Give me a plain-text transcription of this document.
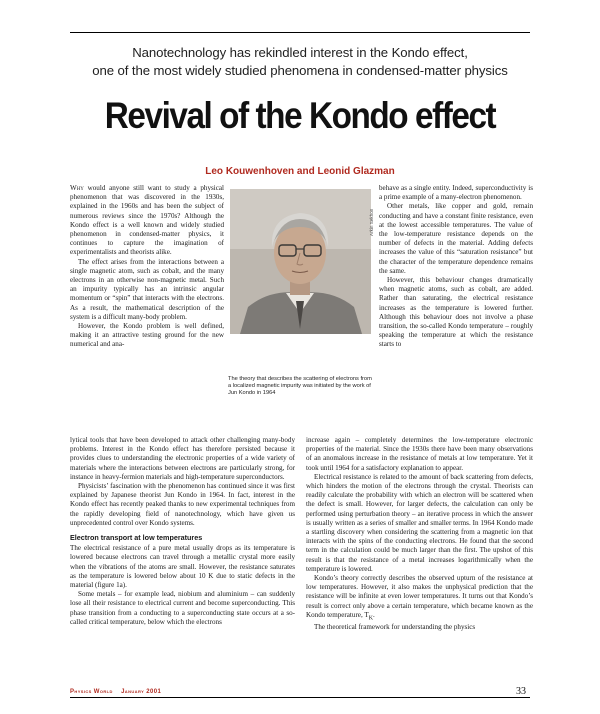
Nanotechnology has rekindled interest in the Kondo effect,
one of the most widely studied phenomena in condensed-matter physics
Revival of the Kondo effect
Leo Kouwenhoven and Leonid Glazman

Why would anyone still want to study a physical phenomenon that was discovered in the 1930s, explained in the 1960s and has been the subject of numerous reviews since the 1970s? Although the Kondo effect is a well known and widely studied phenomenon in condensed-matter physics, it continues to capture the imagination of experimentalists and theorists alike.

The effect arises from the interactions between a single magnetic atom, such as cobalt, and the many electrons in an otherwise non-magnetic metal. Such an impurity typically has an intrinsic angular momentum or “spin” that interacts with the electrons. As a result, the mathematical description of the system is a difficult many-body problem.

However, the Kondo problem is well defined, making it an attractive testing ground for the new numerical and ana-

Arkin Sekhon
The theory that describes the scattering of electrons from a localized magnetic impurity was initiated by the work of Jun Kondo in 1964

behave as a single entity. Indeed, superconductivity is a prime example of a many-electron phenomenon.

Other metals, like copper and gold, remain conducting and have a constant finite resistance, even at the lowest accessible temperatures. The value of the low-temperature resistance depends on the number of defects in the material. Adding defects increases the value of this “saturation resistance” but the character of the temperature dependence remains the same.

However, this behaviour changes dramatically when magnetic atoms, such as cobalt, are added. Rather than saturating, the electrical resistance increases as the temperature is lowered further. Although this behaviour does not involve a phase transition, the so-called Kondo temperature – roughly speaking the temperature at which the resistance starts to

lytical tools that have been developed to attack other challenging many-body problems. Interest in the Kondo effect has therefore persisted because it provides clues to understanding the electronic properties of a wide variety of materials where the interactions between electrons are particularly strong, for instance in heavy-fermion materials and high-temperature superconductors.

Physicists’ fascination with the phenomenon has continued since it was first explained by Japanese theorist Jun Kondo in 1964. In fact, interest in the Kondo effect has recently peaked thanks to new experimental techniques from the rapidly developing field of nanotechnology, which have given us unprecedented control over Kondo systems.

Electron transport at low temperatures

The electrical resistance of a pure metal usually drops as its temperature is lowered because electrons can travel through a metallic crystal more easily when the vibrations of the atoms are small. However, the resistance saturates as the temperature is lowered below about 10 K due to static defects in the material (figure 1a).

Some metals – for example lead, niobium and aluminium – can suddenly lose all their resistance to electrical current and become superconducting. This phase transition from a conducting to a superconducting state occurs at a so-called critical temperature, below which the electrons

increase again – completely determines the low-temperature electronic properties of the material. Since the 1930s there have been many observations of an anomalous increase in the resistance of metals at low temperature. Yet it took until 1964 for a satisfactory explanation to appear.

Electrical resistance is related to the amount of back scattering from defects, which hinders the motion of the electrons through the crystal. Theorists can readily calculate the probability with which an electron will be scattered when the defect is small. However, for larger defects, the calculation can only be performed using perturbation theory – an iterative process in which the answer is usually written as a series of smaller and smaller terms. In 1964 Kondo made a startling discovery when considering the scattering from a magnetic ion that interacts with the spins of the conducting electrons. He found that the second term in the calculation could be much larger than the first. The upshot of this result is that the resistance of a metal increases logarithmically when the temperature is lowered.

Kondo’s theory correctly describes the observed upturn of the resistance at low temperatures. However, it also makes the unphysical prediction that the resistance will be infinite at even lower temperatures. It turns out that Kondo’s result is correct only above a certain temperature, which became known as the Kondo temperature, $T_K$.

The theoretical framework for understanding the physics

Physics World January 2001	33
